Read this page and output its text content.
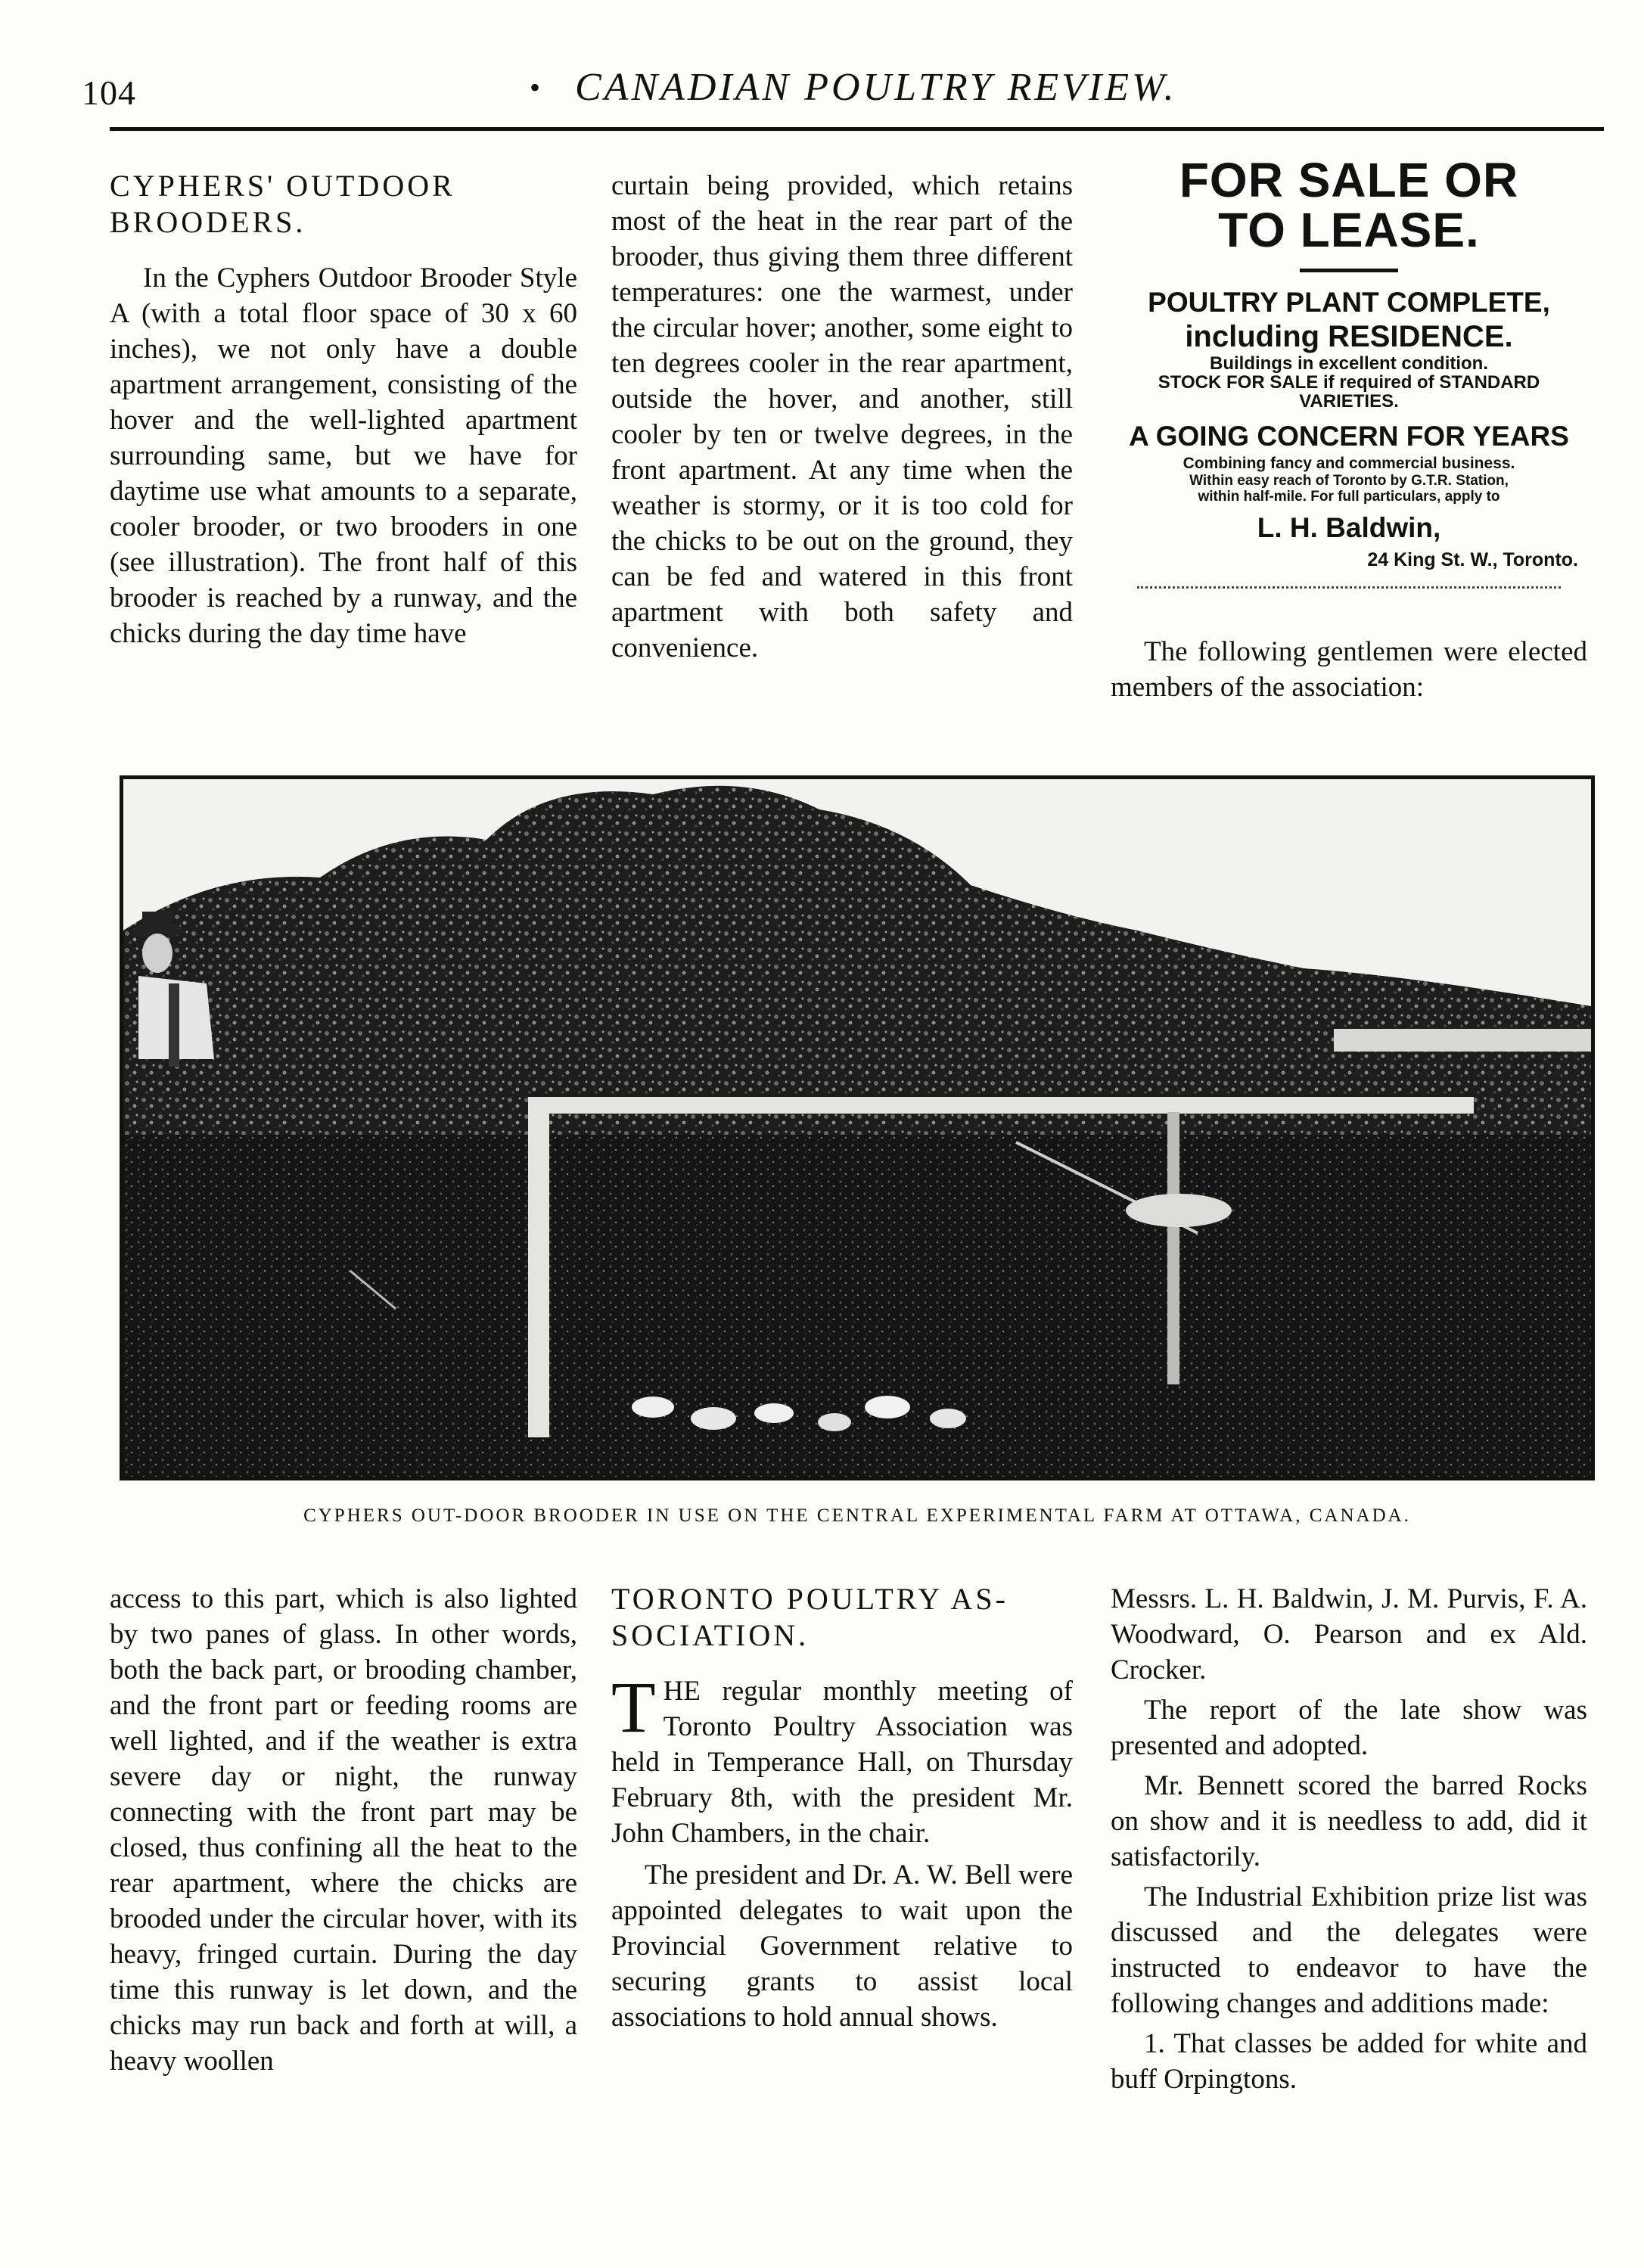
104	• CANADIAN POULTRY REVIEW.
CYPHERS' OUTDOOR
BROODERS.

In the Cyphers Outdoor Brooder Style A (with a total floor space of 30 x 60 inches), we not only have a double apartment arrangement, consisting of the hover and the well-lighted apartment surrounding same, but we have for daytime use what amounts to a separate, cooler brooder, or two brooders in one (see illustration). The front half of this brooder is reached by a runway, and the chicks during the day time have

curtain being provided, which retains most of the heat in the rear part of the brooder, thus giving them three different temperatures: one the warmest, under the circular hover; another, some eight to ten degrees cooler in the rear apartment, outside the hover, and another, still cooler by ten or twelve degrees, in the front apartment. At any time when the weather is stormy, or it is too cold for the chicks to be out on the ground, they can be fed and watered in this front apartment with both safety and convenience.

FOR SALE OR
TO LEASE.
POULTRY PLANT COMPLETE,
including RESIDENCE.
Buildings in excellent condition.
STOCK FOR SALE if required of STANDARD
VARIETIES.
A GOING CONCERN FOR YEARS
Combining fancy and commercial business.
Within easy reach of Toronto by G.T.R. Station,
within half-mile. For full particulars, apply to
L. H. Baldwin,
24 King St. W., Toronto.

The following gentlemen were elected members of the association:

CYPHERS OUT-DOOR BROODER IN USE ON THE CENTRAL EXPERIMENTAL FARM AT OTTAWA, CANADA.

access to this part, which is also lighted by two panes of glass. In other words, both the back part, or brooding chamber, and the front part or feeding rooms are well lighted, and if the weather is extra severe day or night, the runway connecting with the front part may be closed, thus confining all the heat to the rear apartment, where the chicks are brooded under the circular hover, with its heavy, fringed curtain. During the day time this runway is let down, and the chicks may run back and forth at will, a heavy woollen

TORONTO POULTRY AS-
SOCIATION.

THE regular monthly meeting of Toronto Poultry Association was held in Temperance Hall, on Thursday February 8th, with the president Mr. John Chambers, in the chair.

The president and Dr. A. W. Bell were appointed delegates to wait upon the Provincial Government relative to securing grants to assist local associations to hold annual shows.

Messrs. L. H. Baldwin, J. M. Purvis, F. A. Woodward, O. Pearson and ex Ald. Crocker.

The report of the late show was presented and adopted.

Mr. Bennett scored the barred Rocks on show and it is needless to add, did it satisfactorily.

The Industrial Exhibition prize list was discussed and the delegates were instructed to endeavor to have the following changes and additions made:

1. That classes be added for white and buff Orpingtons.
